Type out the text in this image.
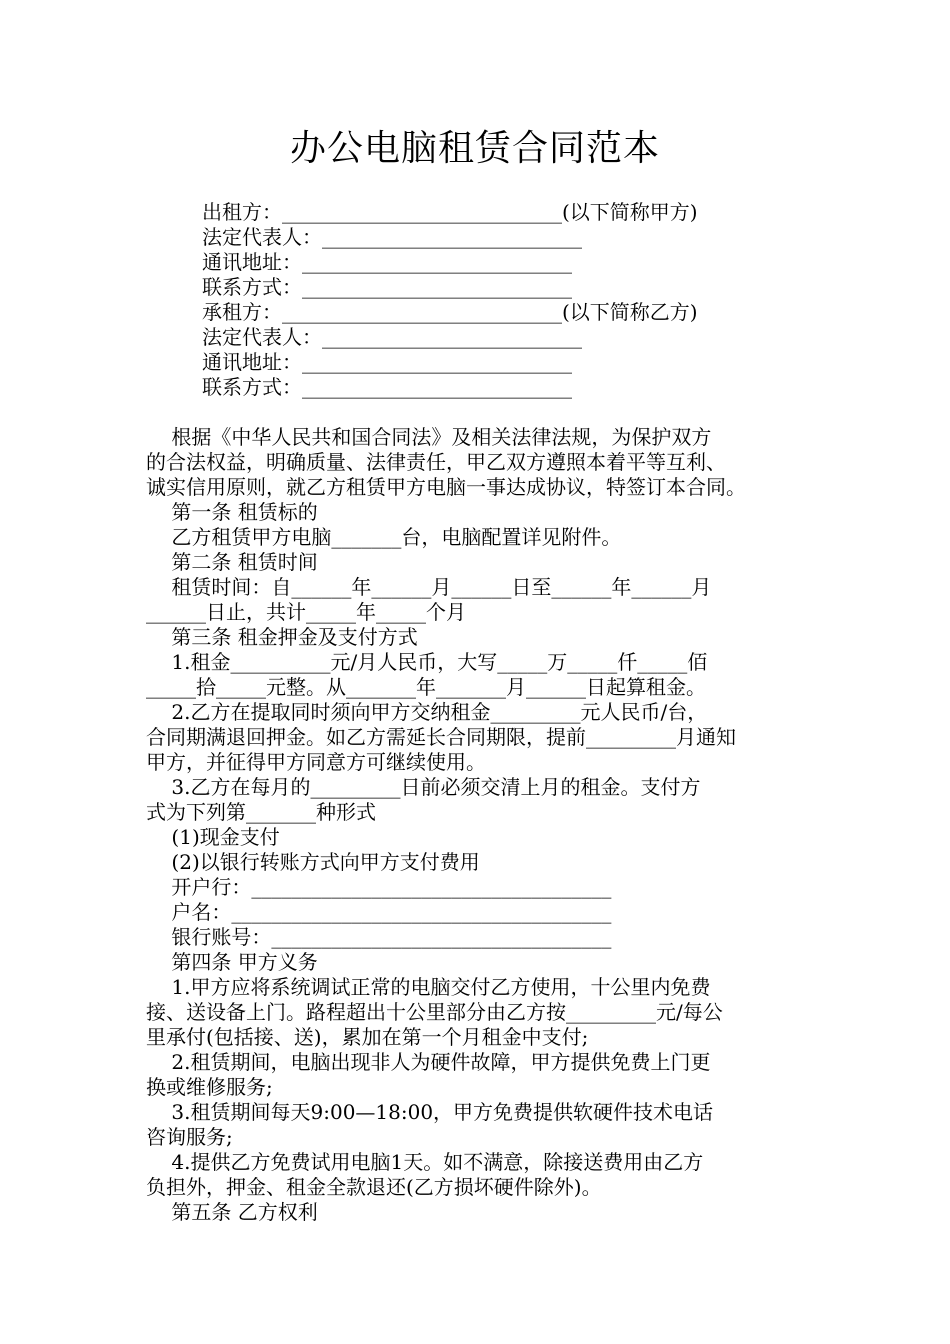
办公电脑租赁合同范本
出租方：____________________________(以下简称甲方)
法定代表人：__________________________
通讯地址：___________________________
联系方式：___________________________
承租方：____________________________(以下简称乙方)
法定代表人：__________________________
通讯地址：___________________________
联系方式：___________________________
根据《中华人民共和国合同法》及相关法律法规，为保护双方
的合法权益，明确质量、法律责任，甲乙双方遵照本着平等互利、
诚实信用原则，就乙方租赁甲方电脑一事达成协议，特签订本合同。
第一条 租赁标的
乙方租赁甲方电脑_______台，电脑配置详见附件。
第二条 租赁时间
租赁时间：自______年______月______日至______年______月
______日止，共计_____年_____个月
第三条 租金押金及支付方式
1.租金__________元/月人民币，大写_____万_____仟_____佰
_____拾_____元整。从_______年_______月______日起算租金。
2.乙方在提取同时须向甲方交纳租金_________元人民币/台，
合同期满退回押金。如乙方需延长合同期限，提前_________月通知
甲方，并征得甲方同意方可继续使用。
3.乙方在每月的_________日前必须交清上月的租金。支付方
式为下列第_______种形式
(1)现金支付
(2)以银行转账方式向甲方支付费用
开户行：____________________________________
户名：______________________________________
银行账号：__________________________________
第四条 甲方义务
1.甲方应将系统调试正常的电脑交付乙方使用，十公里内免费
接、送设备上门。路程超出十公里部分由乙方按_________元/每公
里承付(包括接、送)，累加在第一个月租金中支付;
2.租赁期间，电脑出现非人为硬件故障，甲方提供免费上门更
换或维修服务;
3.租赁期间每天9:00—18:00，甲方免费提供软硬件技术电话
咨询服务;
4.提供乙方免费试用电脑1天。如不满意，除接送费用由乙方
负担外，押金、租金全款退还(乙方损坏硬件除外)。
第五条 乙方权利
